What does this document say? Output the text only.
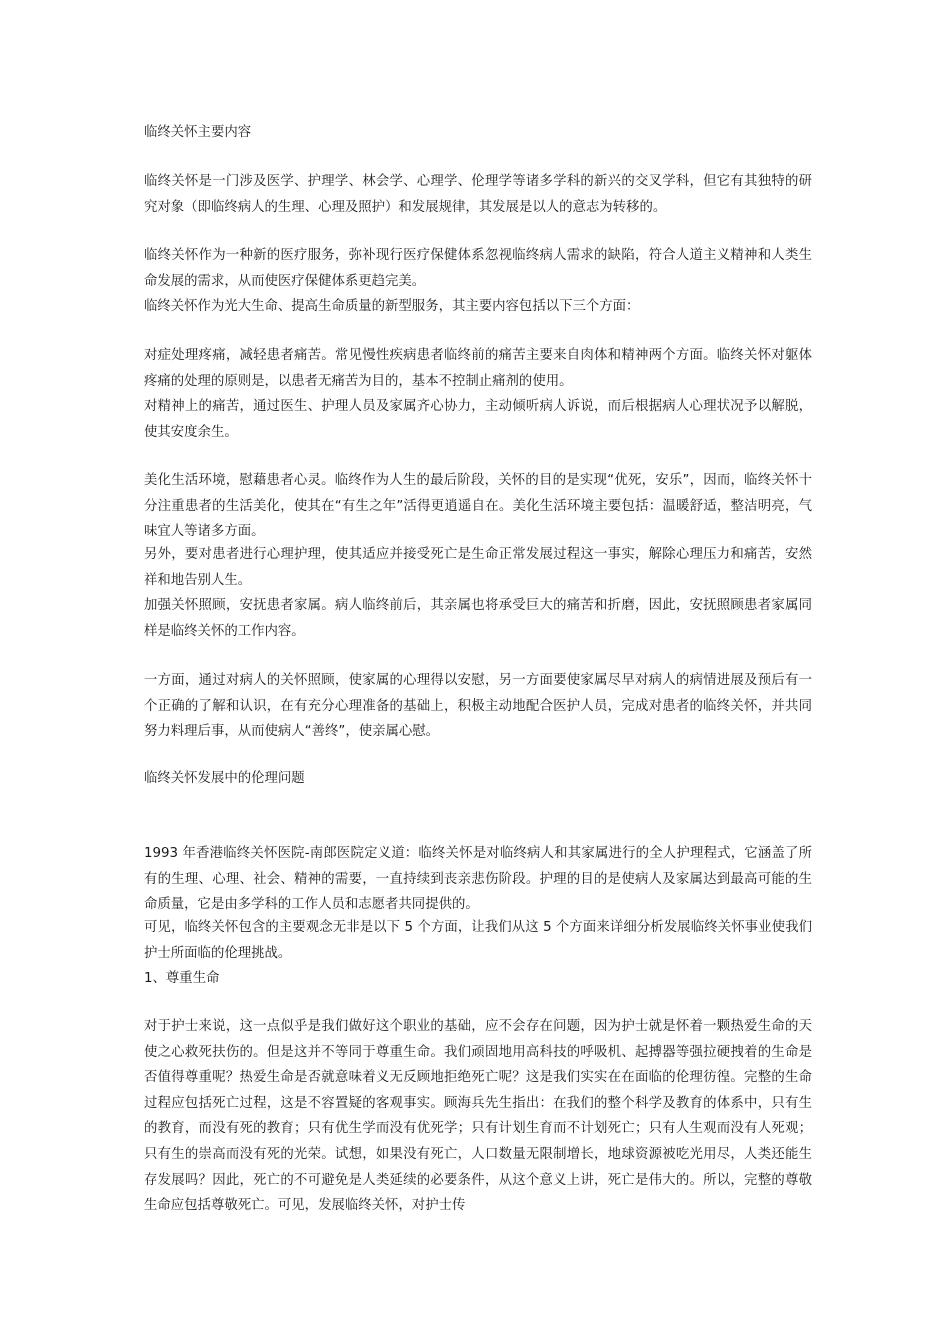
临终关怀主要内容

临终关怀是一门涉及医学、护理学、林会学、心理学、伦理学等诸多学科的新兴的交叉学科，但它有其独特的研究对象（即临终病人的生理、心理及照护）和发展规律，其发展是以人的意志为转移的。

临终关怀作为一种新的医疗服务，弥补现行医疗保健体系忽视临终病人需求的缺陷，符合人道主义精神和人类生命发展的需求，从而使医疗保健体系更趋完美。

临终关怀作为光大生命、提高生命质量的新型服务，其主要内容包括以下三个方面：

对症处理疼痛，减轻患者痛苦。常见慢性疾病患者临终前的痛苦主要来自肉体和精神两个方面。临终关怀对躯体疼痛的处理的原则是，以患者无痛苦为目的，基本不控制止痛剂的使用。

对精神上的痛苦，通过医生、护理人员及家属齐心协力，主动倾听病人诉说，而后根据病人心理状况予以解脱，使其安度余生。

美化生活环境，慰藉患者心灵。临终作为人生的最后阶段，关怀的目的是实现“优死，安乐”，因而，临终关怀十分注重患者的生活美化，使其在“有生之年”活得更逍遥自在。美化生活环境主要包括：温暖舒适，整洁明亮，气味宜人等诸多方面。

另外，要对患者进行心理护理，使其适应并接受死亡是生命正常发展过程这一事实，解除心理压力和痛苦，安然祥和地告别人生。

加强关怀照顾，安抚患者家属。病人临终前后，其亲属也将承受巨大的痛苦和折磨，因此，安抚照顾患者家属同样是临终关怀的工作内容。

一方面，通过对病人的关怀照顾，使家属的心理得以安慰，另一方面要使家属尽早对病人的病情进展及预后有一个正确的了解和认识，在有充分心理准备的基础上，积极主动地配合医护人员，完成对患者的临终关怀，并共同努力料理后事，从而使病人“善终”，使亲属心慰。

临终关怀发展中的伦理问题

1993 年香港临终关怀医院-南郎医院定义道：临终关怀是对临终病人和其家属进行的全人护理程式，它涵盖了所有的生理、心理、社会、精神的需要，一直持续到丧亲悲伤阶段。护理的目的是使病人及家属达到最高可能的生命质量，它是由多学科的工作人员和志愿者共同提供的。

可见，临终关怀包含的主要观念无非是以下 5 个方面，让我们从这 5 个方面来详细分析发展临终关怀事业使我们护士所面临的伦理挑战。

1、尊重生命

对于护士来说，这一点似乎是我们做好这个职业的基础，应不会存在问题，因为护士就是怀着一颗热爱生命的天使之心救死扶伤的。但是这并不等同于尊重生命。我们顽固地用高科技的呼吸机、起搏器等强拉硬拽着的生命是否值得尊重呢？热爱生命是否就意味着义无反顾地拒绝死亡呢？这是我们实实在在面临的伦理彷徨。完整的生命过程应包括死亡过程，这是不容置疑的客观事实。顾海兵先生指出：在我们的整个科学及教育的体系中，只有生的教育，而没有死的教育；只有优生学而没有优死学；只有计划生育而不计划死亡；只有人生观而没有人死观；只有生的崇高而没有死的光荣。试想，如果没有死亡，人口数量无限制增长，地球资源被吃光用尽，人类还能生存发展吗？因此，死亡的不可避免是人类延续的必要条件，从这个意义上讲，死亡是伟大的。所以，完整的尊敬生命应包括尊敬死亡。可见，发展临终关怀，对护士传
